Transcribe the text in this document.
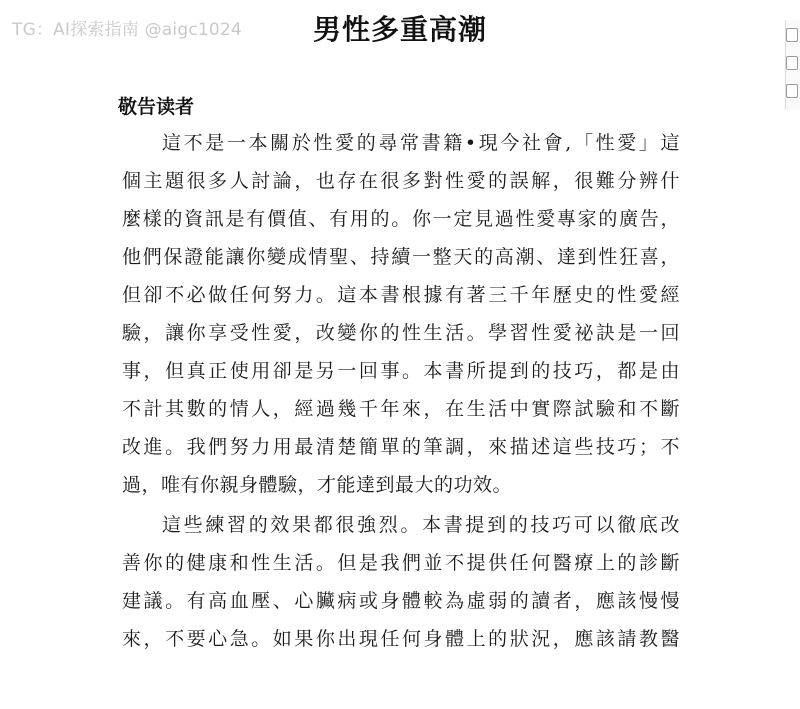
TG：AI探索指南 @aigc1024	男性多重高潮
敬告读者
這不是一本關於性愛的尋常書籍•現今社會,「性愛」這
個主題很多人討論，也存在很多對性愛的誤解，很難分辨什
麼樣的資訊是有價值、有用的。你一定見過性愛專家的廣告，
他們保證能讓你變成情聖、持續一整天的高潮、達到性狂喜，
但卻不必做任何努力。這本書根據有著三千年歷史的性愛經
驗，讓你享受性愛，改變你的性生活。學習性愛祕訣是一回
事，但真正使用卻是另一回事。本書所提到的技巧，都是由
不計其數的情人，經過幾千年來，在生活中實際試驗和不斷
改進。我們努力用最清楚簡單的筆調，來描述這些技巧；不
過，唯有你親身體驗，才能達到最大的功效。
這些練習的效果都很強烈。本書提到的技巧可以徹底改
善你的健康和性生活。但是我們並不提供任何醫療上的診斷
建議。有高血壓、心臟病或身體較為虛弱的讀者，應該慢慢
來，不要心急。如果你出現任何身體上的狀況，應該請教醫
